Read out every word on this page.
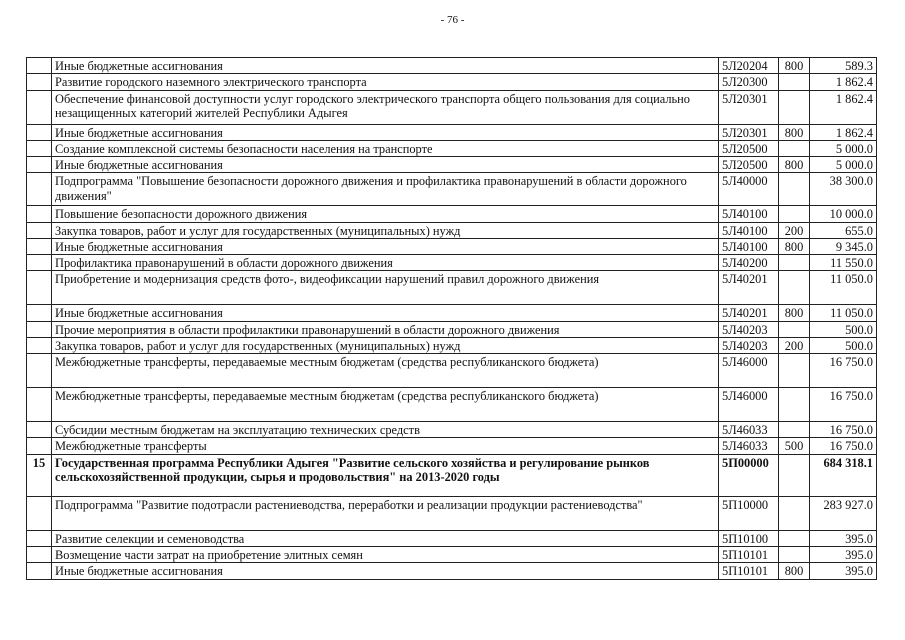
- 76 -
	Иные бюджетные ассигнования	5Л20204	800	589.3
	Развитие городского наземного электрического транспорта	5Л20300		1 862.4
	Обеспечение финансовой доступности услуг городского электрического транспорта общего пользования для социально незащищенных категорий жителей Республики Адыгея	5Л20301		1 862.4
	Иные бюджетные ассигнования	5Л20301	800	1 862.4
	Создание комплексной системы безопасности населения на транспорте	5Л20500		5 000.0
	Иные бюджетные ассигнования	5Л20500	800	5 000.0
	Подпрограмма "Повышение безопасности дорожного движения и профилактика правонарушений в области дорожного движения"	5Л40000		38 300.0
	Повышение безопасности дорожного движения	5Л40100		10 000.0
	Закупка товаров, работ и услуг для государственных (муниципальных) нужд	5Л40100	200	655.0
	Иные бюджетные ассигнования	5Л40100	800	9 345.0
	Профилактика правонарушений в области дорожного движения	5Л40200		11 550.0
	Приобретение и модернизация средств фото-, видеофиксации нарушений правил дорожного движения	5Л40201		11 050.0
	Иные бюджетные ассигнования	5Л40201	800	11 050.0
	Прочие мероприятия в области профилактики правонарушений в области дорожного движения	5Л40203		500.0
	Закупка товаров, работ и услуг для государственных (муниципальных) нужд	5Л40203	200	500.0
	Межбюджетные трансферты, передаваемые местным бюджетам (средства республиканского бюджета)	5Л46000		16 750.0
	Межбюджетные трансферты, передаваемые местным бюджетам (средства республиканского бюджета)	5Л46000		16 750.0
	Субсидии местным бюджетам на эксплуатацию технических средств	5Л46033		16 750.0
	Межбюджетные трансферты	5Л46033	500	16 750.0
15	Государственная программа Республики Адыгея "Развитие сельского хозяйства и регулирование рынков сельскохозяйственной продукции, сырья и продовольствия" на 2013-2020 годы	5П00000		684 318.1
	Подпрограмма "Развитие подотрасли растениеводства, переработки и реализации продукции растениеводства"	5П10000		283 927.0
	Развитие селекции и семеноводства	5П10100		395.0
	Возмещение части затрат на приобретение элитных семян	5П10101		395.0
	Иные бюджетные ассигнования	5П10101	800	395.0
